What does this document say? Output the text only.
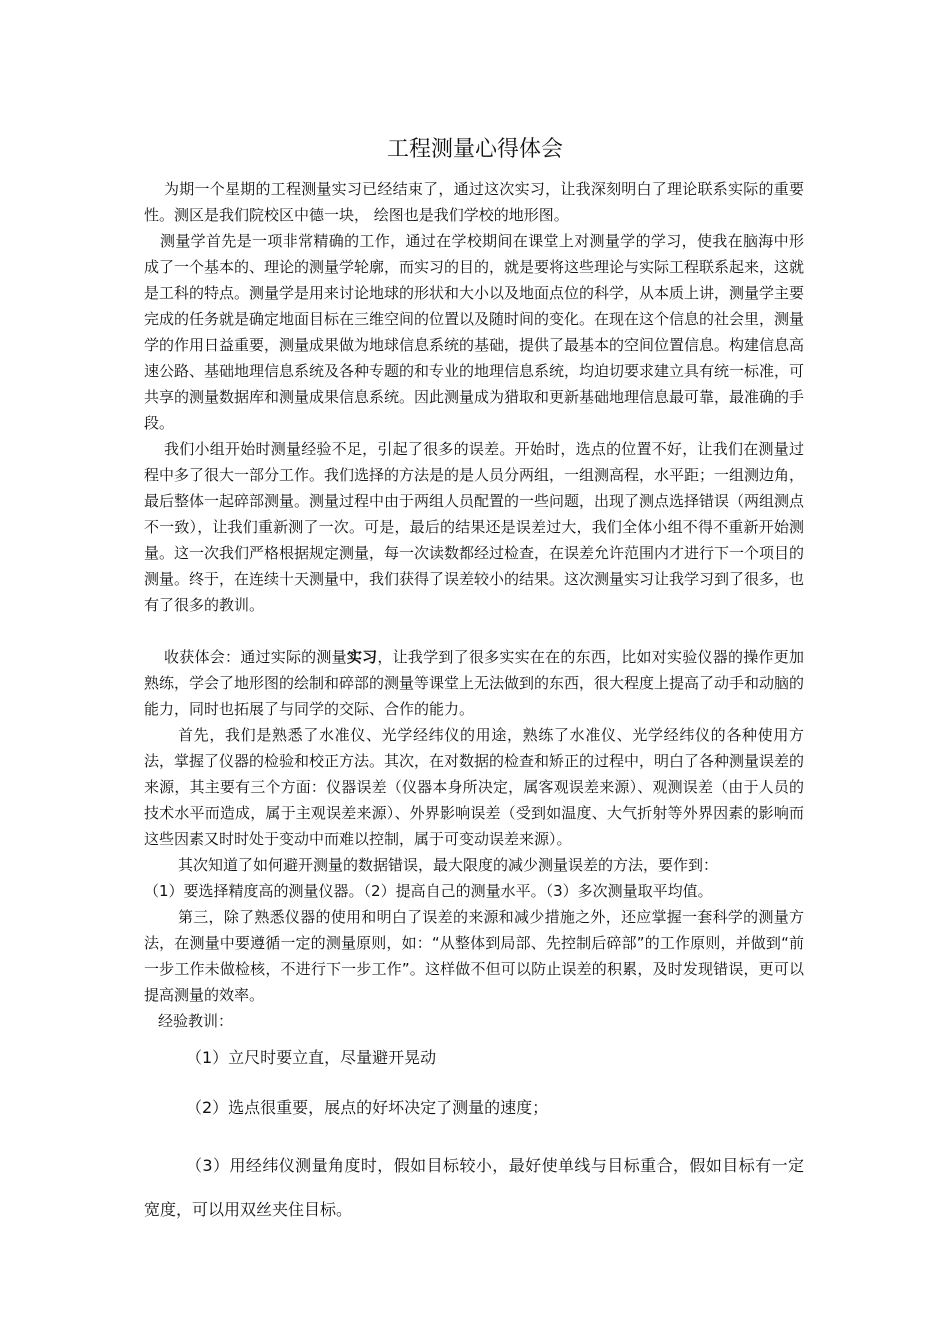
工程测量心得体会

为期一个星期的工程测量实习已经结束了，通过这次实习，让我深刻明白了理论联系实际的重要性。测区是我们院校区中德一块， 绘图也是我们学校的地形图。

测量学首先是一项非常精确的工作，通过在学校期间在课堂上对测量学的学习，使我在脑海中形成了一个基本的、理论的测量学轮廓，而实习的目的，就是要将这些理论与实际工程联系起来，这就是工科的特点。测量学是用来讨论地球的形状和大小以及地面点位的科学，从本质上讲，测量学主要完成的任务就是确定地面目标在三维空间的位置以及随时间的变化。在现在这个信息的社会里，测量学的作用日益重要，测量成果做为地球信息系统的基础，提供了最基本的空间位置信息。构建信息高速公路、基础地理信息系统及各种专题的和专业的地理信息系统，均迫切要求建立具有统一标准，可共享的测量数据库和测量成果信息系统。因此测量成为猎取和更新基础地理信息最可靠，最准确的手段。

我们小组开始时测量经验不足，引起了很多的误差。开始时，选点的位置不好，让我们在测量过程中多了很大一部分工作。我们选择的方法是的是人员分两组，一组测高程，水平距；一组测边角，最后整体一起碎部测量。测量过程中由于两组人员配置的一些问题，出现了测点选择错误（两组测点不一致），让我们重新测了一次。可是，最后的结果还是误差过大，我们全体小组不得不重新开始测量。这一次我们严格根据规定测量，每一次读数都经过检查，在误差允许范围内才进行下一个项目的测量。终于，在连续十天测量中，我们获得了误差较小的结果。这次测量实习让我学习到了很多，也有了很多的教训。

收获体会：通过实际的测量实习，让我学到了很多实实在在的东西，比如对实验仪器的操作更加熟练，学会了地形图的绘制和碎部的测量等课堂上无法做到的东西，很大程度上提高了动手和动脑的能力，同时也拓展了与同学的交际、合作的能力。

首先，我们是熟悉了水准仪、光学经纬仪的用途，熟练了水准仪、光学经纬仪的各种使用方法，掌握了仪器的检验和校正方法。其次，在对数据的检查和矫正的过程中，明白了各种测量误差的来源，其主要有三个方面：仪器误差（仪器本身所决定，属客观误差来源）、观测误差（由于人员的技术水平而造成，属于主观误差来源）、外界影响误差（受到如温度、大气折射等外界因素的影响而这些因素又时时处于变动中而难以控制，属于可变动误差来源）。

其次知道了如何避开测量的数据错误，最大限度的减少测量误差的方法，要作到：

（1）要选择精度高的测量仪器。（2）提高自己的测量水平。（3）多次测量取平均值。

第三，除了熟悉仪器的使用和明白了误差的来源和减少措施之外，还应掌握一套科学的测量方法，在测量中要遵循一定的测量原则，如：“从整体到局部、先控制后碎部”的工作原则，并做到“前一步工作未做检核，不进行下一步工作”。这样做不但可以防止误差的积累，及时发现错误，更可以提高测量的效率。

经验教训：

（1）立尺时要立直，尽量避开晃动

（2）选点很重要，展点的好坏决定了测量的速度；

（3）用经纬仪测量角度时，假如目标较小，最好使单线与目标重合，假如目标有一定宽度，可以用双丝夹住目标。
